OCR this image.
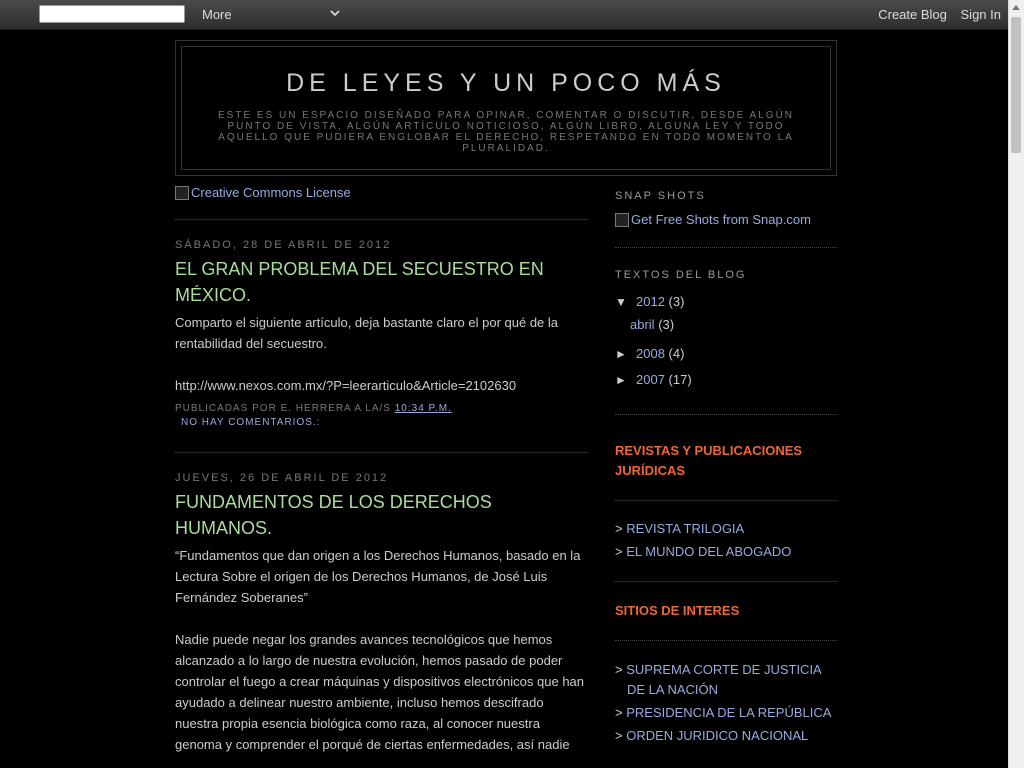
More	Create Blog Sign In
DE LEYES Y UN POCO MÁS
ESTE ES UN ESPACIO DISEÑADO PARA OPINAR, COMENTAR O DISCUTIR, DESDE ALGÚN PUNTO DE VISTA, ALGÚN ARTÍCULO NOTICIOSO, ALGÚN LIBRO, ALGUNA LEY Y TODO AQUELLO QUE PUDIERA ENGLOBAR EL DERECHO, RESPETANDO EN TODO MOMENTO LA PLURALIDAD.
Creative Commons License
SÁBADO, 28 DE ABRIL DE 2012
EL GRAN PROBLEMA DEL SECUESTRO EN MÉXICO.
Comparto el siguiente artículo, deja bastante claro el por qué de la rentabilidad del secuestro.
http://www.nexos.com.mx/?P=leerarticulo&Article=2102630
PUBLICADAS POR E. HERRERA A LA/S 10:34 P.M.
NO HAY COMENTARIOS.:
JUEVES, 26 DE ABRIL DE 2012
FUNDAMENTOS DE LOS DERECHOS HUMANOS.
“Fundamentos que dan origen a los Derechos Humanos, basado en la Lectura Sobre el origen de los Derechos Humanos, de José Luis Fernández Soberanes”
Nadie puede negar los grandes avances tecnológicos que hemos alcanzado a lo largo de nuestra evolución, hemos pasado de poder controlar el fuego a crear máquinas y dispositivos electrónicos que han ayudado a delinear nuestro ambiente, incluso hemos descifrado nuestra propia esencia biológica como raza, al conocer nuestra genoma y comprender el porqué de ciertas enfermedades, así nadie
SNAP SHOTS
Get Free Shots from Snap.com
TEXTOS DEL BLOG
▼ 2012 (3)
abril (3)
► 2008 (4)
► 2007 (17)
REVISTAS Y PUBLICACIONES JURÍDICAS
> REVISTA TRILOGIA
> EL MUNDO DEL ABOGADO
SITIOS DE INTERES
> SUPREMA CORTE DE JUSTICIA DE LA NACIÓN
> PRESIDENCIA DE LA REPÚBLICA
> ORDEN JURIDICO NACIONAL
